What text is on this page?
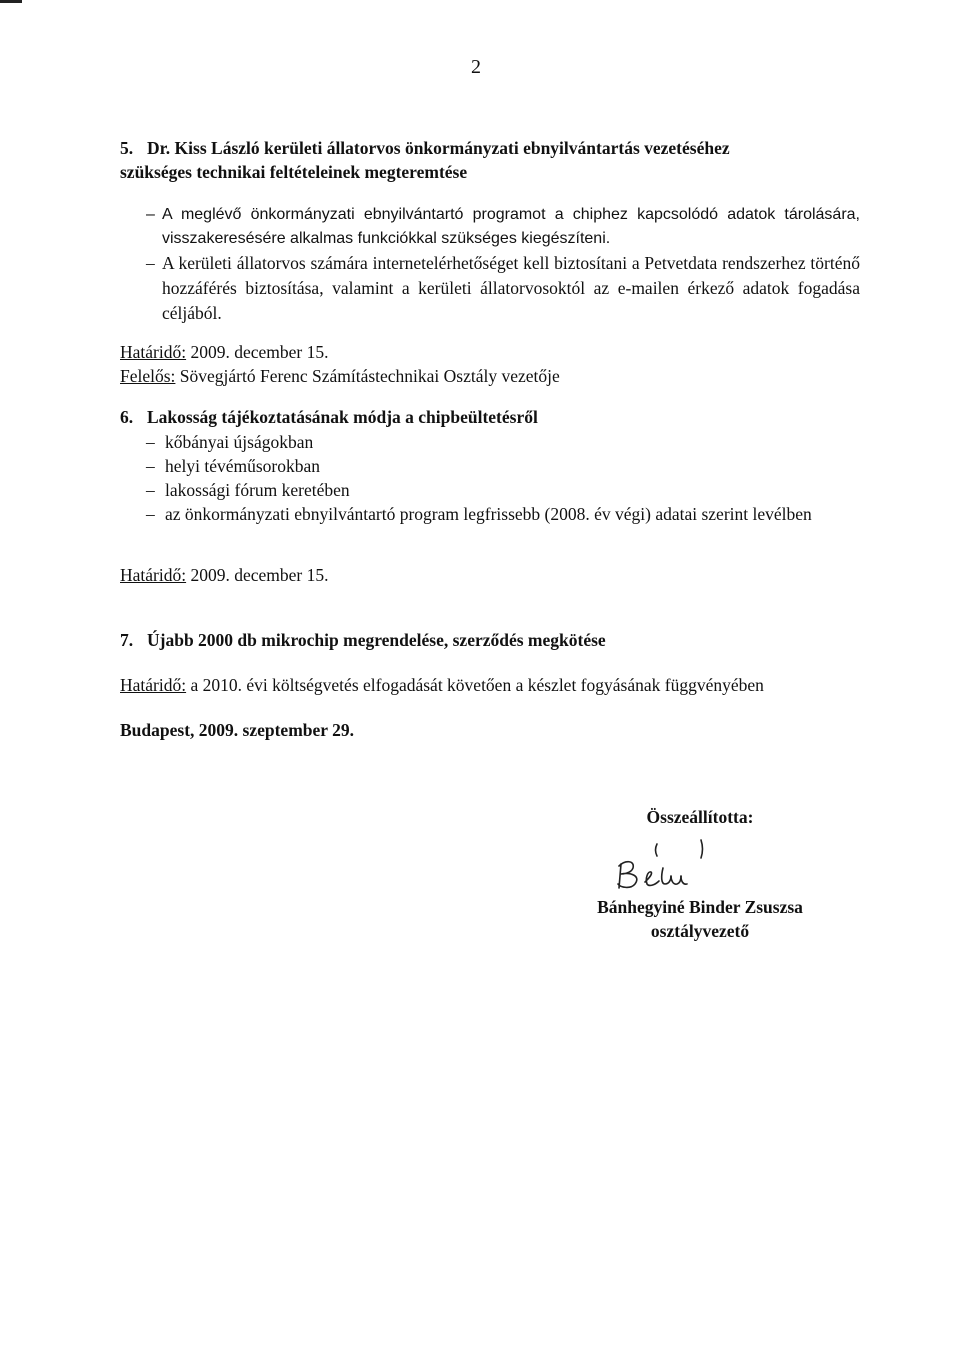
2
5. Dr. Kiss László kerületi állatorvos önkormányzati ebnyilvántartás vezetéséhez
szükséges technikai feltételeinek megteremtése
– A meglévő önkormányzati ebnyilvántartó programot a chiphez kapcsolódó adatok tárolására, visszakeresésére alkalmas funkciókkal szükséges kiegészíteni.
– A kerületi állatorvos számára internetelérhetőséget kell biztosítani a Petvetdata rendszerhez történő hozzáférés biztosítása, valamint a kerületi állatorvosoktól az e-mailen érkező adatok fogadása céljából.
Határidő: 2009. december 15.
Felelős: Sövegjártó Ferenc Számítástechnikai Osztály vezetője
6. Lakosság tájékoztatásának módja a chipbeültetésről
– kőbányai újságokban
– helyi tévéműsorokban
– lakossági fórum keretében
– az önkormányzati ebnyilvántartó program legfrissebb (2008. év végi) adatai szerint levélben
Határidő: 2009. december 15.
7. Újabb 2000 db mikrochip megrendelése, szerződés megkötése
Határidő: a 2010. évi költségvetés elfogadását követően a készlet fogyásának függvényében
Budapest, 2009. szeptember 29.
Összeállította:
Bánhegyiné Binder Zsuszsa
osztályvezető
